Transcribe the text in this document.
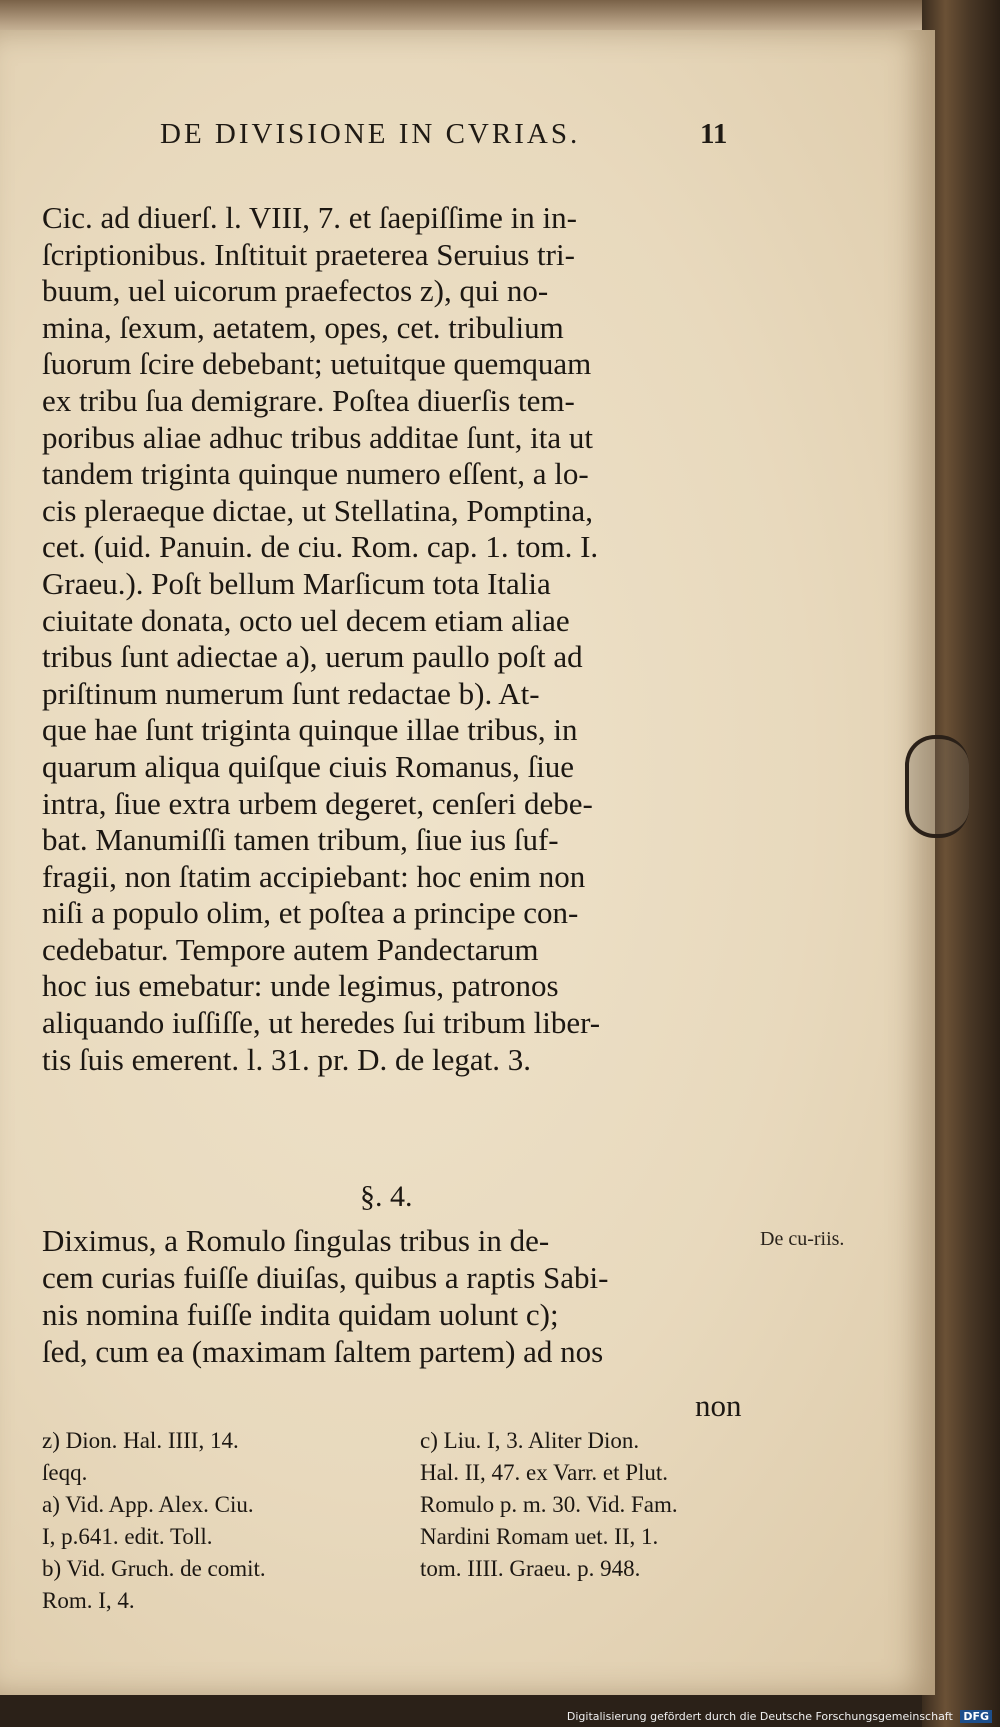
DE DIVISIONE IN CVRIAS.	11
Cic. ad diuerſ. l. VIII, 7. et ſaepiſſime in in-
ſcriptionibus. Inſtituit praeterea Seruius tri-
buum, uel uicorum praefectos z), qui no-
mina, ſexum, aetatem, opes, cet. tribulium
ſuorum ſcire debebant; uetuitque quemquam
ex tribu ſua demigrare. Poſtea diuerſis tem-
poribus aliae adhuc tribus additae ſunt, ita ut
tandem triginta quinque numero eſſent, a lo-
cis pleraeque dictae, ut Stellatina, Pomptina,
cet. (uid. Panuin. de ciu. Rom. cap. 1. tom. I.
Graeu.). Poſt bellum Marſicum tota Italia
ciuitate donata, octo uel decem etiam aliae
tribus ſunt adiectae a), uerum paullo poſt ad
priſtinum numerum ſunt redactae b). At-
que hae ſunt triginta quinque illae tribus, in
quarum aliqua quiſque ciuis Romanus, ſiue
intra, ſiue extra urbem degeret, cenſeri debe-
bat. Manumiſſi tamen tribum, ſiue ius ſuf-
fragii, non ſtatim accipiebant: hoc enim non
niſi a populo olim, et poſtea a principe con-
cedebatur. Tempore autem Pandectarum
hoc ius emebatur: unde legimus, patronos
aliquando iuſſiſſe, ut heredes ſui tribum liber-
tis ſuis emerent. l. 31. pr. D. de legat. 3.
§. 4.
Diximus, a Romulo ſingulas tribus in de-
cem curias fuiſſe diuiſas, quibus a raptis Sabi-
nis nomina fuiſſe indita quidam uolunt c);
ſed, cum ea (maximam ſaltem partem) ad nos
De cu-riis.
non
z) Dion. Hal. IIII, 14.
ſeqq.
a) Vid. App. Alex. Ciu.
I, p.641. edit. Toll.
b) Vid. Gruch. de comit.
Rom. I, 4.
c) Liu. I, 3. Aliter Dion.
Hal. II, 47. ex Varr. et Plut.
Romulo p. m. 30. Vid. Fam.
Nardini Romam uet. II, 1.
tom. IIII. Graeu. p. 948.
Digitalisierung gefördert durch die Deutsche Forschungsgemeinschaft DFG
